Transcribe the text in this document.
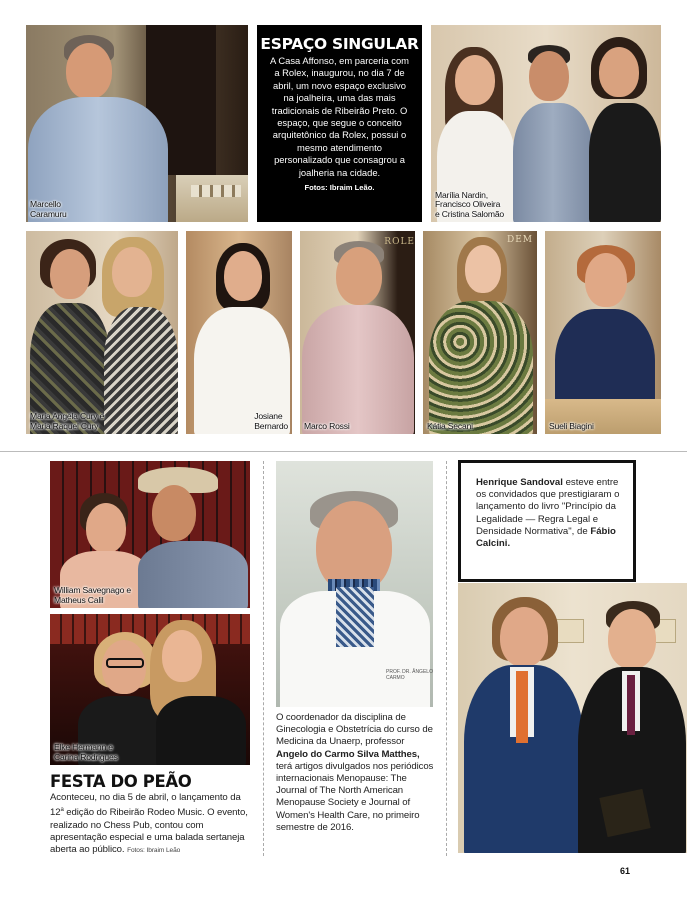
Marcello
Caramuru
ESPAÇO SINGULAR

A Casa Affonso, em parceria com a Rolex, inaugurou, no dia 7 de abril, um novo espaço exclusivo na joalheira, uma das mais tradicionais de Ribeirão Preto. O espaço, que segue o conceito arquitetônico da Rolex, possui o mesmo atendimento personalizado que consagrou a joalheria na cidade.

Fotos: Ibraim Leão.

Marília Nardin,
Francisco Oliveira
e Cristina Salomão
Maria Angela Cury e
Maria Raquel Cury
Josiane
Bernardo
ROLE
Marco Rossi
DEM
Kátia Secani	Sueli Biagini
William Savegnago e
Matheus Calil
Elke Hermann e
Carina Rodrigues
FESTA DO PEÃO
Aconteceu, no dia 5 de abril, o lançamento da 12$^a$ edição do Ribeirão Rodeo Music. O evento, realizado no Chess Pub, contou com apresentação especial e uma balada sertaneja aberta ao público. Fotos: Ibraim Leão
PROF. DR. ÂNGELO CARMO
O coordenador da disciplina de Ginecologia e Obstetrícia do curso de Medicina da Unaerp, professor Angelo do Carmo Silva Matthes, terá artigos divulgados nos periódicos internacionais Menopause: The Journal of The North American Menopause Society e Journal of Women's Health Care, no primeiro semestre de 2016.

Henrique Sandoval esteve entre os convidados que prestigiaram o lançamento do livro "Princípio da Legalidade — Regra Legal e Densidade Normativa", de Fábio Calcini.

61
